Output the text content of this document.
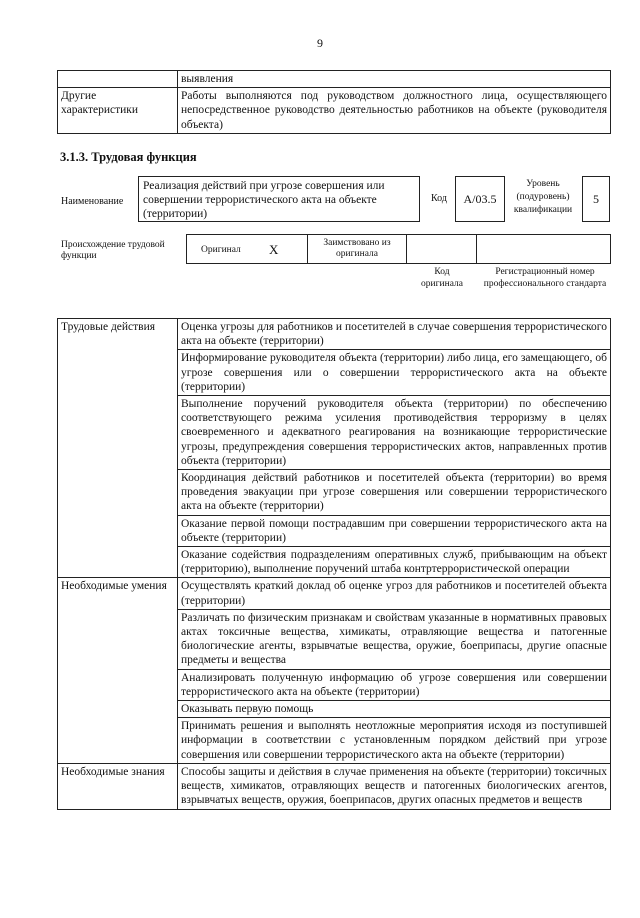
9
	выявления
Другие характеристики	Работы выполняются под руководством должностного лица, осуществляющего непосредственное руководство деятельностью работников на объекте (руководителя объекта)
3.1.3. Трудовая функция
Наименование
Реализация действий при угрозе совершения или совершении террористического акта на объекте (территории)
Код	A/03.5
Уровень (подуровень) квалификации
5
Происхождение трудовой функции
Оригинал X	Заимствовано из оригинала
Код оригинала
Регистрационный номер профессионального стандарта
Трудовые действия	Оценка угрозы для работников и посетителей в случае совершения террористического акта на объекте (территории)
	Информирование руководителя объекта (территории) либо лица, его замещающего, об угрозе совершения или о совершении террористического акта на объекте (территории)
	Выполнение поручений руководителя объекта (территории) по обеспечению соответствующего режима усиления противодействия терроризму в целях своевременного и адекватного реагирования на возникающие террористические угрозы, предупреждения совершения террористических актов, направленных против объекта (территории)
	Координация действий работников и посетителей объекта (территории) во время проведения эвакуации при угрозе совершения или совершении террористического акта на объекте (территории)
	Оказание первой помощи пострадавшим при совершении террористического акта на объекте (территории)
	Оказание содействия подразделениям оперативных служб, прибывающим на объект (территорию), выполнение поручений штаба контртеррористической операции
Необходимые умения	Осуществлять краткий доклад об оценке угроз для работников и посетителей объекта (территории)
	Различать по физическим признакам и свойствам указанные в нормативных правовых актах токсичные вещества, химикаты, отравляющие вещества и патогенные биологические агенты, взрывчатые вещества, оружие, боеприпасы, другие опасные предметы и вещества
	Анализировать полученную информацию об угрозе совершения или совершении террористического акта на объекте (территории)
	Оказывать первую помощь
	Принимать решения и выполнять неотложные мероприятия исходя из поступившей информации в соответствии с установленным порядком действий при угрозе совершения или совершении террористического акта на объекте (территории)
Необходимые знания	Способы защиты и действия в случае применения на объекте (территории) токсичных веществ, химикатов, отравляющих веществ и патогенных биологических агентов, взрывчатых веществ, оружия, боеприпасов, других опасных предметов и веществ
